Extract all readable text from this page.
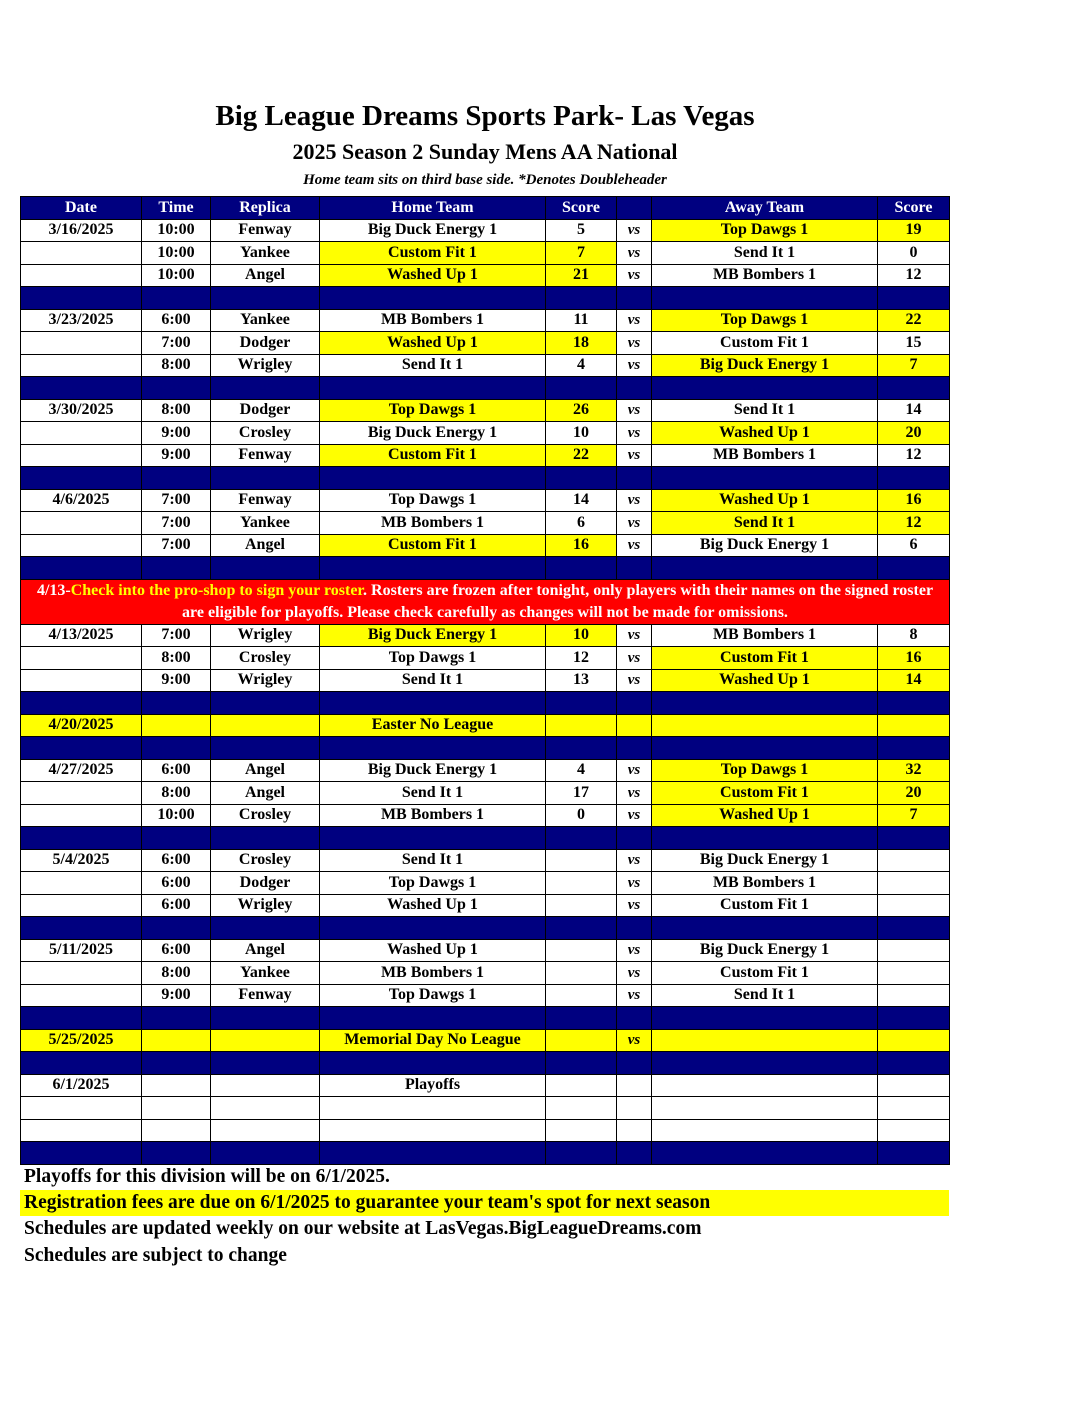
Big League Dreams Sports Park- Las Vegas
2025 Season 2 Sunday Mens AA National
Home team sits on third base side. *Denotes Doubleheader
Date	Time	Replica	Home Team	Score		Away Team	Score
3/16/2025	10:00	Fenway	Big Duck Energy 1	5	vs	Top Dawgs 1	19
	10:00	Yankee	Custom Fit 1	7	vs	Send It 1	0
	10:00	Angel	Washed Up 1	21	vs	MB Bombers 1	12

3/23/2025	6:00	Yankee	MB Bombers 1	11	vs	Top Dawgs 1	22
	7:00	Dodger	Washed Up 1	18	vs	Custom Fit 1	15
	8:00	Wrigley	Send It 1	4	vs	Big Duck Energy 1	7

3/30/2025	8:00	Dodger	Top Dawgs 1	26	vs	Send It 1	14
	9:00	Crosley	Big Duck Energy 1	10	vs	Washed Up 1	20
	9:00	Fenway	Custom Fit 1	22	vs	MB Bombers 1	12

4/6/2025	7:00	Fenway	Top Dawgs 1	14	vs	Washed Up 1	16
	7:00	Yankee	MB Bombers 1	6	vs	Send It 1	12
	7:00	Angel	Custom Fit 1	16	vs	Big Duck Energy 1	6

4/13-Check into the pro-shop to sign your roster. Rosters are frozen after tonight, only players with their names on the signed roster are eligible for playoffs. Please check carefully as changes will not be made for omissions.							
4/13/2025	7:00	Wrigley	Big Duck Energy 1	10	vs	MB Bombers 1	8
	8:00	Crosley	Top Dawgs 1	12	vs	Custom Fit 1	16
	9:00	Wrigley	Send It 1	13	vs	Washed Up 1	14

4/20/2025			Easter No League				

4/27/2025	6:00	Angel	Big Duck Energy 1	4	vs	Top Dawgs 1	32
	8:00	Angel	Send It 1	17	vs	Custom Fit 1	20
	10:00	Crosley	MB Bombers 1	0	vs	Washed Up 1	7

5/4/2025	6:00	Crosley	Send It 1		vs	Big Duck Energy 1	
	6:00	Dodger	Top Dawgs 1		vs	MB Bombers 1	
	6:00	Wrigley	Washed Up 1		vs	Custom Fit 1	

5/11/2025	6:00	Angel	Washed Up 1		vs	Big Duck Energy 1	
	8:00	Yankee	MB Bombers 1		vs	Custom Fit 1	
	9:00	Fenway	Top Dawgs 1		vs	Send It 1	

5/25/2025			Memorial Day No League		vs		

6/1/2025			Playoffs				

Playoffs for this division will be on 6/1/2025.
Registration fees are due on 6/1/2025 to guarantee your team's spot for next season
Schedules are updated weekly on our website at LasVegas.BigLeagueDreams.com
Schedules are subject to change
